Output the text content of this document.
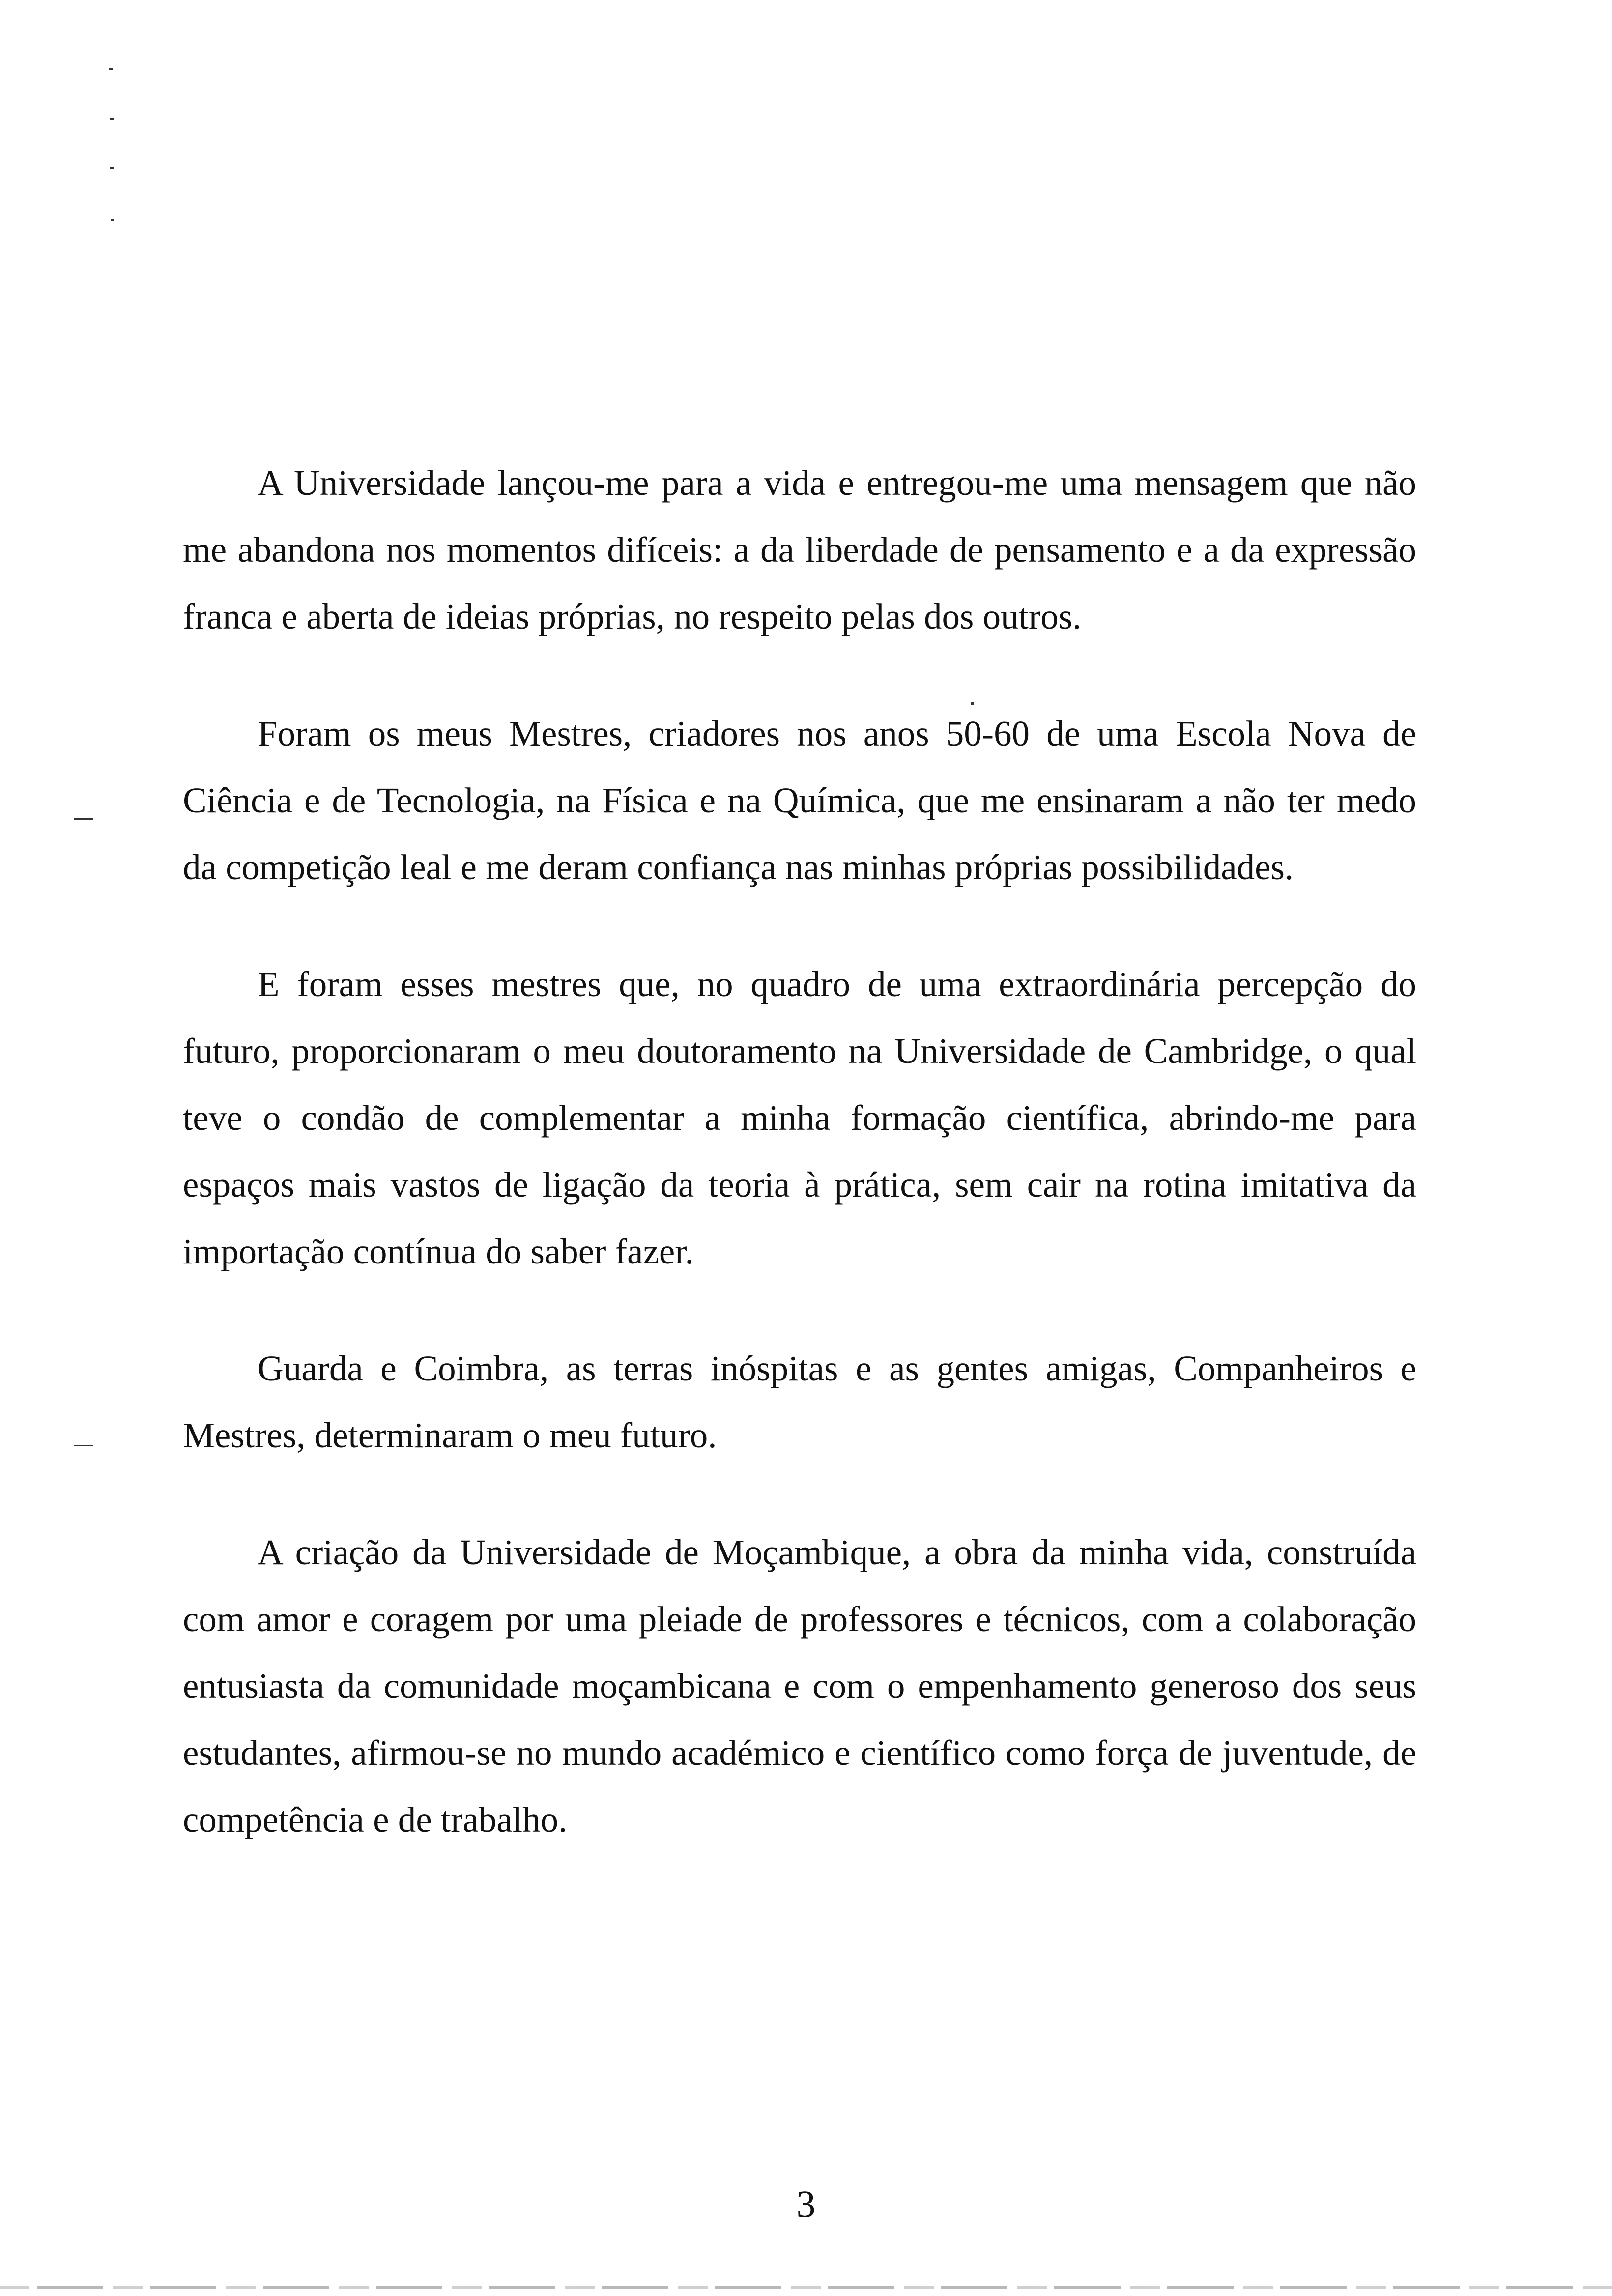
A Universidade lançou-me para a vida e entregou-me uma mensagem que não me abandona nos momentos difíceis: a da liberdade de pensamento e a da expressão franca e aberta de ideias próprias, no respeito pelas dos outros.

Foram os meus Mestres, criadores nos anos 50-60 de uma Escola Nova de Ciência e de Tecnologia, na Física e na Química, que me ensinaram a não ter medo da competição leal e me deram confiança nas minhas próprias possibilidades.

E foram esses mestres que, no quadro de uma extraordinária percepção do futuro, proporcionaram o meu doutoramento na Universidade de Cambridge, o qual teve o condão de complementar a minha formação científica, abrindo-me para espaços mais vastos de ligação da teoria à prática, sem cair na rotina imitativa da importação contínua do saber fazer.

Guarda e Coimbra, as terras inóspitas e as gentes amigas, Companheiros e Mestres, determinaram o meu futuro.

A criação da Universidade de Moçambique, a obra da minha vida, construída com amor e coragem por uma pleiade de professores e técnicos, com a colaboração entusiasta da comunidade moçambicana e com o empenhamento generoso dos seus estudantes, afirmou-se no mundo académico e científico como força de juventude, de competência e de trabalho.

3
